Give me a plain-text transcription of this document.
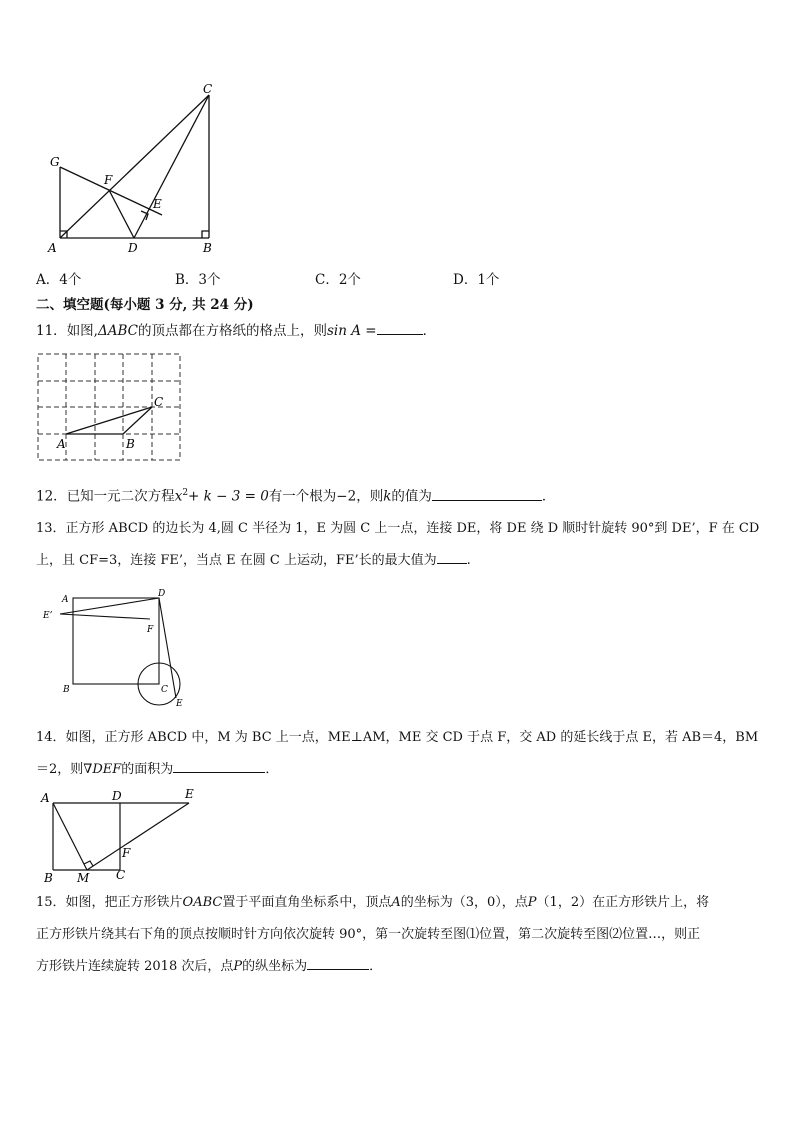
C
G
F
E
A	D	B
A．4个	B．3个	C．2个	D．1个
二、填空题(每小题 3 分, 共 24 分)
11．如图,ΔABC的顶点都在方格纸的格点上，则sin A =	．
A	B
C
12．已知一元二次方程$x^2+ k - 3 = 0$有一个根为−2，则k的值为	．
13．正方形 ABCD 的边长为 4,圆 C 半径为 1，E 为圆 C 上一点，连接 DE，将 DE 绕 D 顺时针旋转 90°到 DE’，F 在 CD
上，且 CF=3，连接 FE’，当点 E 在圆 C 上运动，FE’长的最大值为 .
A
D
E’
F
B	C
E
14．如图，正方形 ABCD 中，M 为 BC 上一点，ME⊥AM，ME 交 CD 于点 F，交 AD 的延长线于点 E，若 AB＝4，BM
＝2，则∇DEF的面积为	．
A	D	E
F
B M C
15．如图，把正方形铁片OABC置于平面直角坐标系中，顶点A的坐标为（3，0），点P（1，2）在正方形铁片上，将
正方形铁片绕其右下角的顶点按顺时针方向依次旋转 90°，第一次旋转至图⑴位置，第二次旋转至图⑵位置…，则正
方形铁片连续旋转 2018 次后，点P的纵坐标为	．
